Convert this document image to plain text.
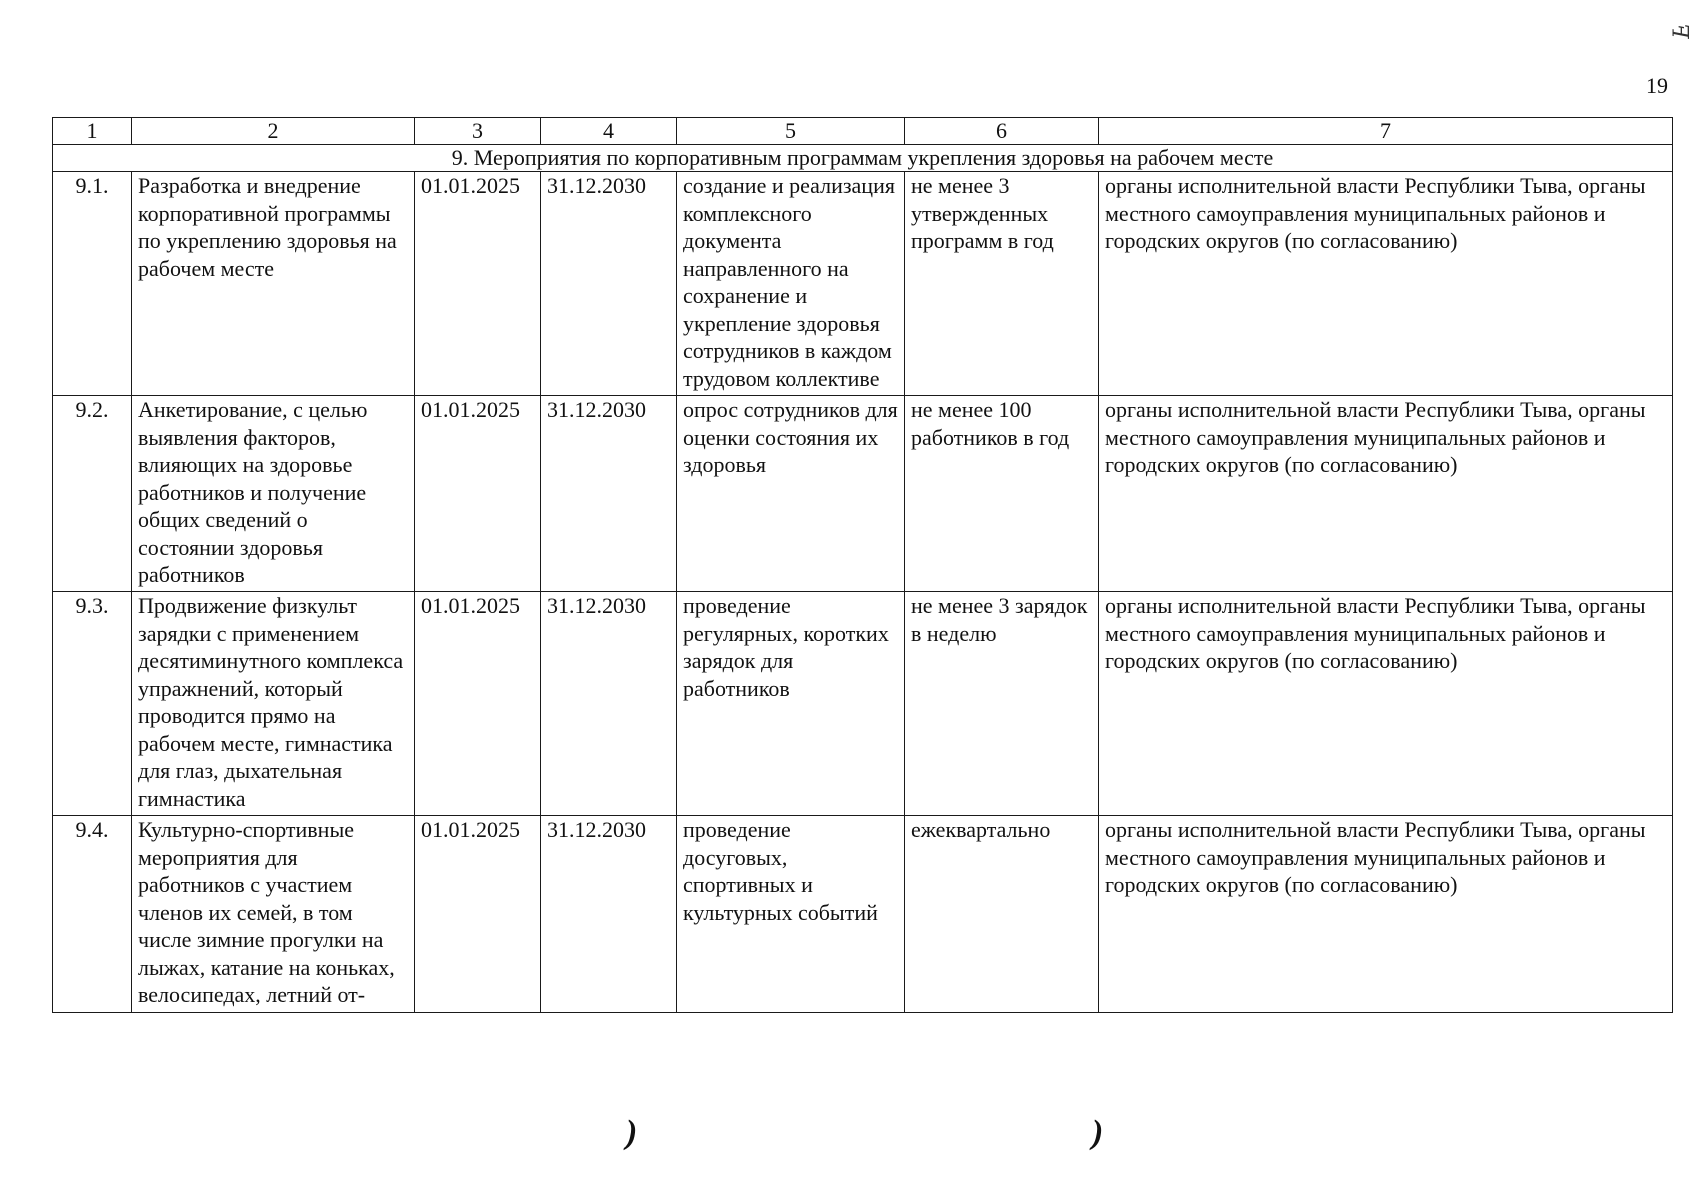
ꟻ
19
1	2	3	4	5	6	7
9. Мероприятия по корпоративным программам укрепления здоровья на рабочем месте						
9.1.	Разработка и внедрение корпоративной программы по укреплению здоровья на рабочем месте	01.01.2025	31.12.2030	создание и реализация комплексного документа направленного на сохранение и укрепление здоровья сотрудников в каждом трудовом коллективе	не менее 3 утвержденных программ в год	органы исполнительной власти Республики Тыва, органы местного самоуправления муниципальных районов и городских округов (по согласованию)
9.2.	Анкетирование, с целью выявления факторов, влияющих на здоровье работников и получение общих сведений о состоянии здоровья работников	01.01.2025	31.12.2030	опрос сотрудников для оценки состояния их здоровья	не менее 100 работников в год	органы исполнительной власти Республики Тыва, органы местного самоуправления муниципальных районов и городских округов (по согласованию)
9.3.	Продвижение физкульт зарядки с применением десятиминутного комплекса упражнений, который проводится прямо на рабочем месте, гимнастика для глаз, дыхательная гимнастика	01.01.2025	31.12.2030	проведение регулярных, коротких зарядок для работников	не менее 3 зарядок в неделю	органы исполнительной власти Республики Тыва, органы местного самоуправления муниципальных районов и городских округов (по согласованию)
9.4.	Культурно-спортивные мероприятия для работников с участием членов их семей, в том числе зимние прогулки на лыжах, катание на коньках, велосипедах, летний от-	01.01.2025	31.12.2030	проведение досуговых, спортивных и культурных событий	ежеквартально	органы исполнительной власти Республики Тыва, органы местного самоуправления муниципальных районов и городских округов (по согласованию)
)	)
